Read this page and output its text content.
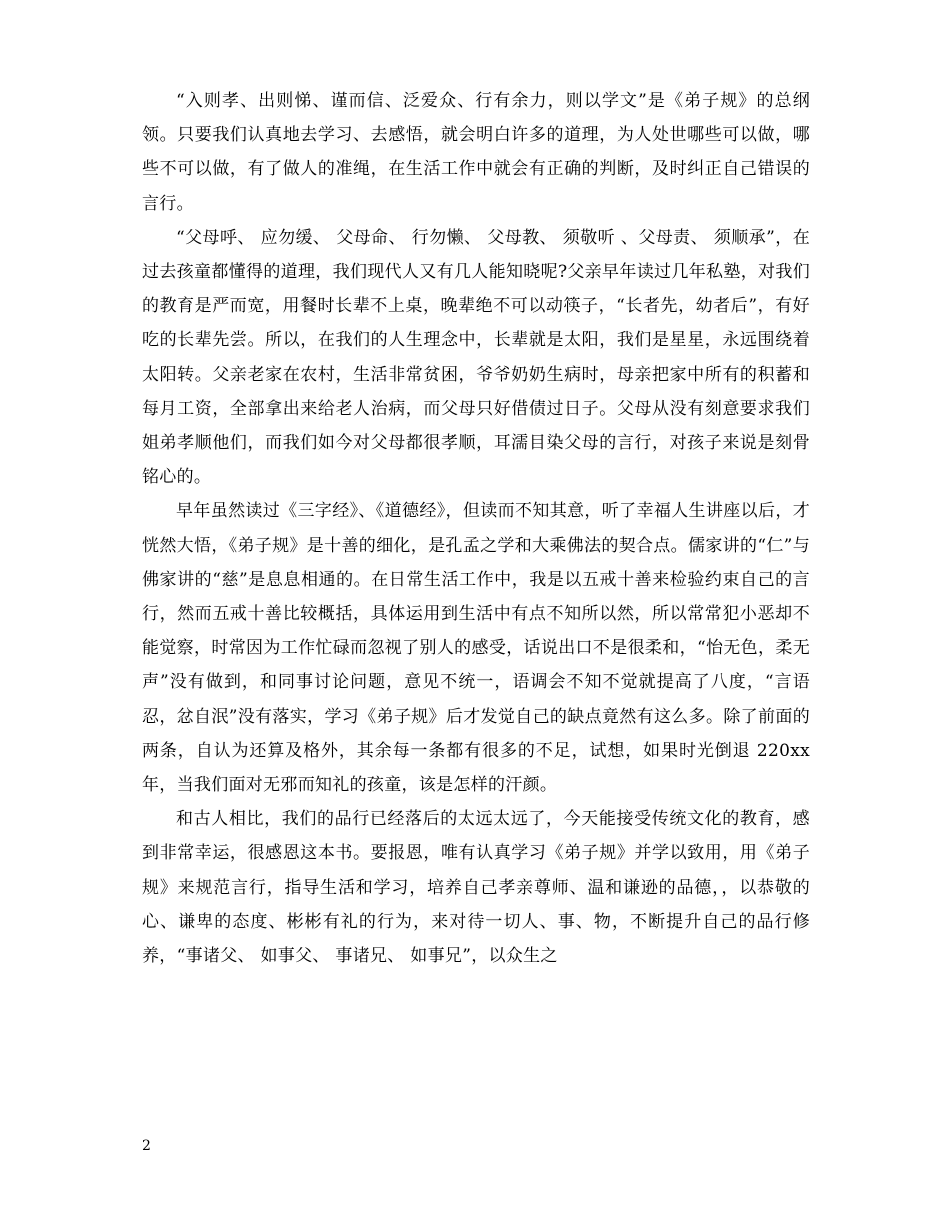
“入则孝、出则悌、谨而信、泛爱众、行有余力，则以学文”是《弟子规》的总纲领。只要我们认真地去学习、去感悟，就会明白许多的道理，为人处世哪些可以做，哪些不可以做，有了做人的准绳，在生活工作中就会有正确的判断，及时纠正自己错误的言行。

“父母呼、 应勿缓、 父母命、 行勿懒、 父母教、 须敬听 、父母责、 须顺承”，在过去孩童都懂得的道理，我们现代人又有几人能知晓呢?父亲早年读过几年私塾，对我们的教育是严而宽，用餐时长辈不上桌，晚辈绝不可以动筷子，“长者先，幼者后”，有好吃的长辈先尝。所以，在我们的人生理念中，长辈就是太阳，我们是星星，永远围绕着太阳转。父亲老家在农村，生活非常贫困，爷爷奶奶生病时，母亲把家中所有的积蓄和每月工资，全部拿出来给老人治病，而父母只好借债过日子。父母从没有刻意要求我们姐弟孝顺他们，而我们如今对父母都很孝顺，耳濡目染父母的言行，对孩子来说是刻骨铭心的。

早年虽然读过《三字经》、《道德经》，但读而不知其意，听了幸福人生讲座以后，才恍然大悟，《弟子规》是十善的细化，是孔孟之学和大乘佛法的契合点。儒家讲的“仁”与佛家讲的“慈”是息息相通的。在日常生活工作中，我是以五戒十善来检验约束自己的言行，然而五戒十善比较概括，具体运用到生活中有点不知所以然，所以常常犯小恶却不能觉察，时常因为工作忙碌而忽视了别人的感受，话说出口不是很柔和，“怡无色，柔无声”没有做到，和同事讨论问题，意见不统一，语调会不知不觉就提高了八度，“言语忍，忿自泯”没有落实，学习《弟子规》后才发觉自己的缺点竟然有这么多。除了前面的两条，自认为还算及格外，其余每一条都有很多的不足，试想，如果时光倒退 220xx 年，当我们面对无邪而知礼的孩童，该是怎样的汗颜。

和古人相比，我们的品行已经落后的太远太远了，今天能接受传统文化的教育，感到非常幸运，很感恩这本书。要报恩，唯有认真学习《弟子规》并学以致用，用《弟子规》来规范言行，指导生活和学习，培养自己孝亲尊师、温和谦逊的品德，，以恭敬的心、谦卑的态度、彬彬有礼的行为，来对待一切人、事、物，不断提升自己的品行修养，“事诸父、 如事父、 事诸兄、 如事兄”，以众生之

2
